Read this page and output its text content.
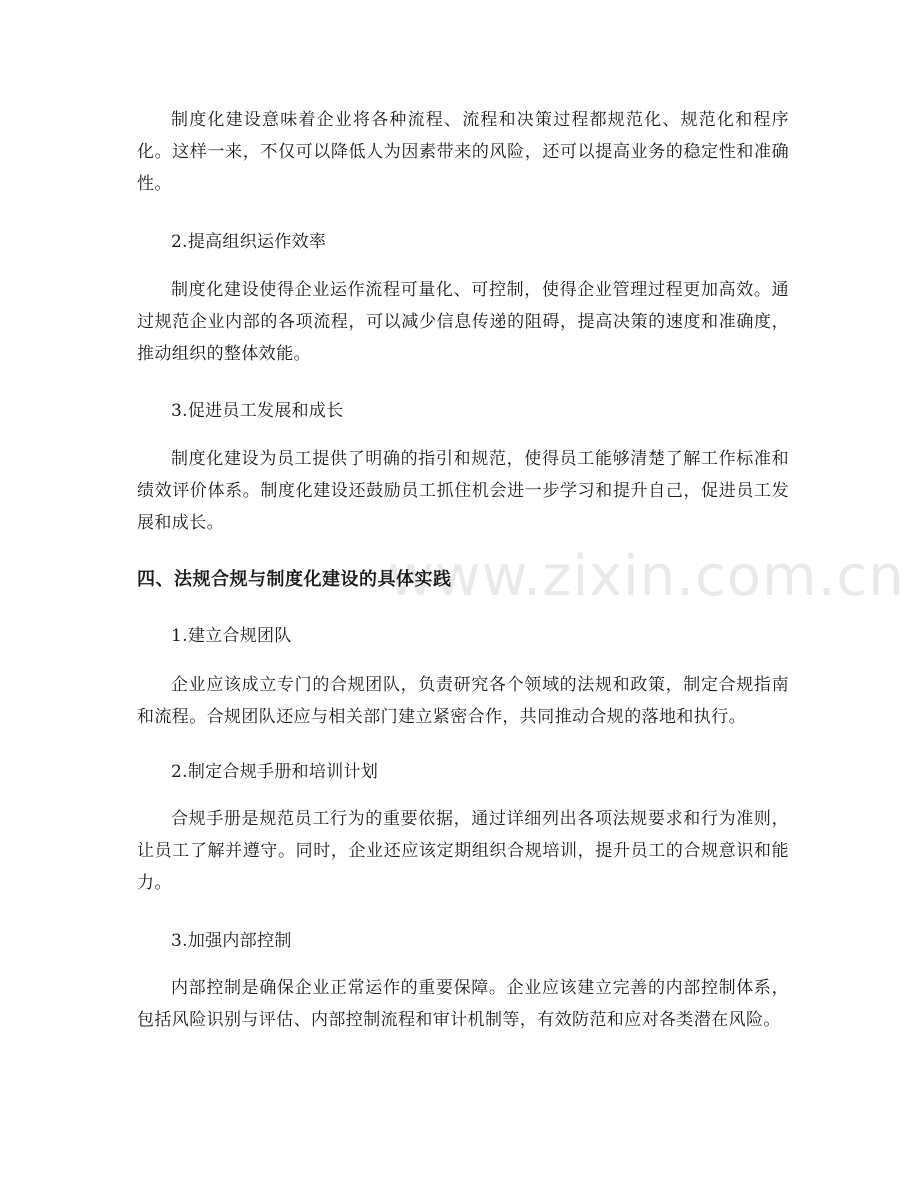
www.zixin.com.cn

制度化建设意味着企业将各种流程、流程和决策过程都规范化、规范化和程序化。这样一来，不仅可以降低人为因素带来的风险，还可以提高业务的稳定性和准确性。

2.提高组织运作效率

制度化建设使得企业运作流程可量化、可控制，使得企业管理过程更加高效。通过规范企业内部的各项流程，可以减少信息传递的阻碍，提高决策的速度和准确度，推动组织的整体效能。

3.促进员工发展和成长

制度化建设为员工提供了明确的指引和规范，使得员工能够清楚了解工作标准和绩效评价体系。制度化建设还鼓励员工抓住机会进一步学习和提升自己，促进员工发展和成长。

四、法规合规与制度化建设的具体实践

1.建立合规团队

企业应该成立专门的合规团队，负责研究各个领域的法规和政策，制定合规指南和流程。合规团队还应与相关部门建立紧密合作，共同推动合规的落地和执行。

2.制定合规手册和培训计划

合规手册是规范员工行为的重要依据，通过详细列出各项法规要求和行为准则，让员工了解并遵守。同时，企业还应该定期组织合规培训，提升员工的合规意识和能力。

3.加强内部控制

内部控制是确保企业正常运作的重要保障。企业应该建立完善的内部控制体系，包括风险识别与评估、内部控制流程和审计机制等，有效防范和应对各类潜在风险。
